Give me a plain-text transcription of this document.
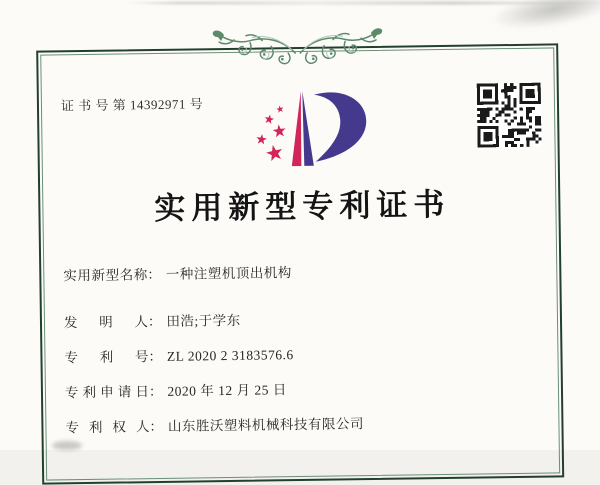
证 书 号 第 14392971 号
实用新型专利证书
实用新型名称： 一种注塑机顶出机构
发明人： 田浩;于学东
专利号： ZL 2020 2 3183576.6
专利申请日： 2020 年 12 月 25 日
专利权人： 山东胜沃塑料机械科技有限公司
